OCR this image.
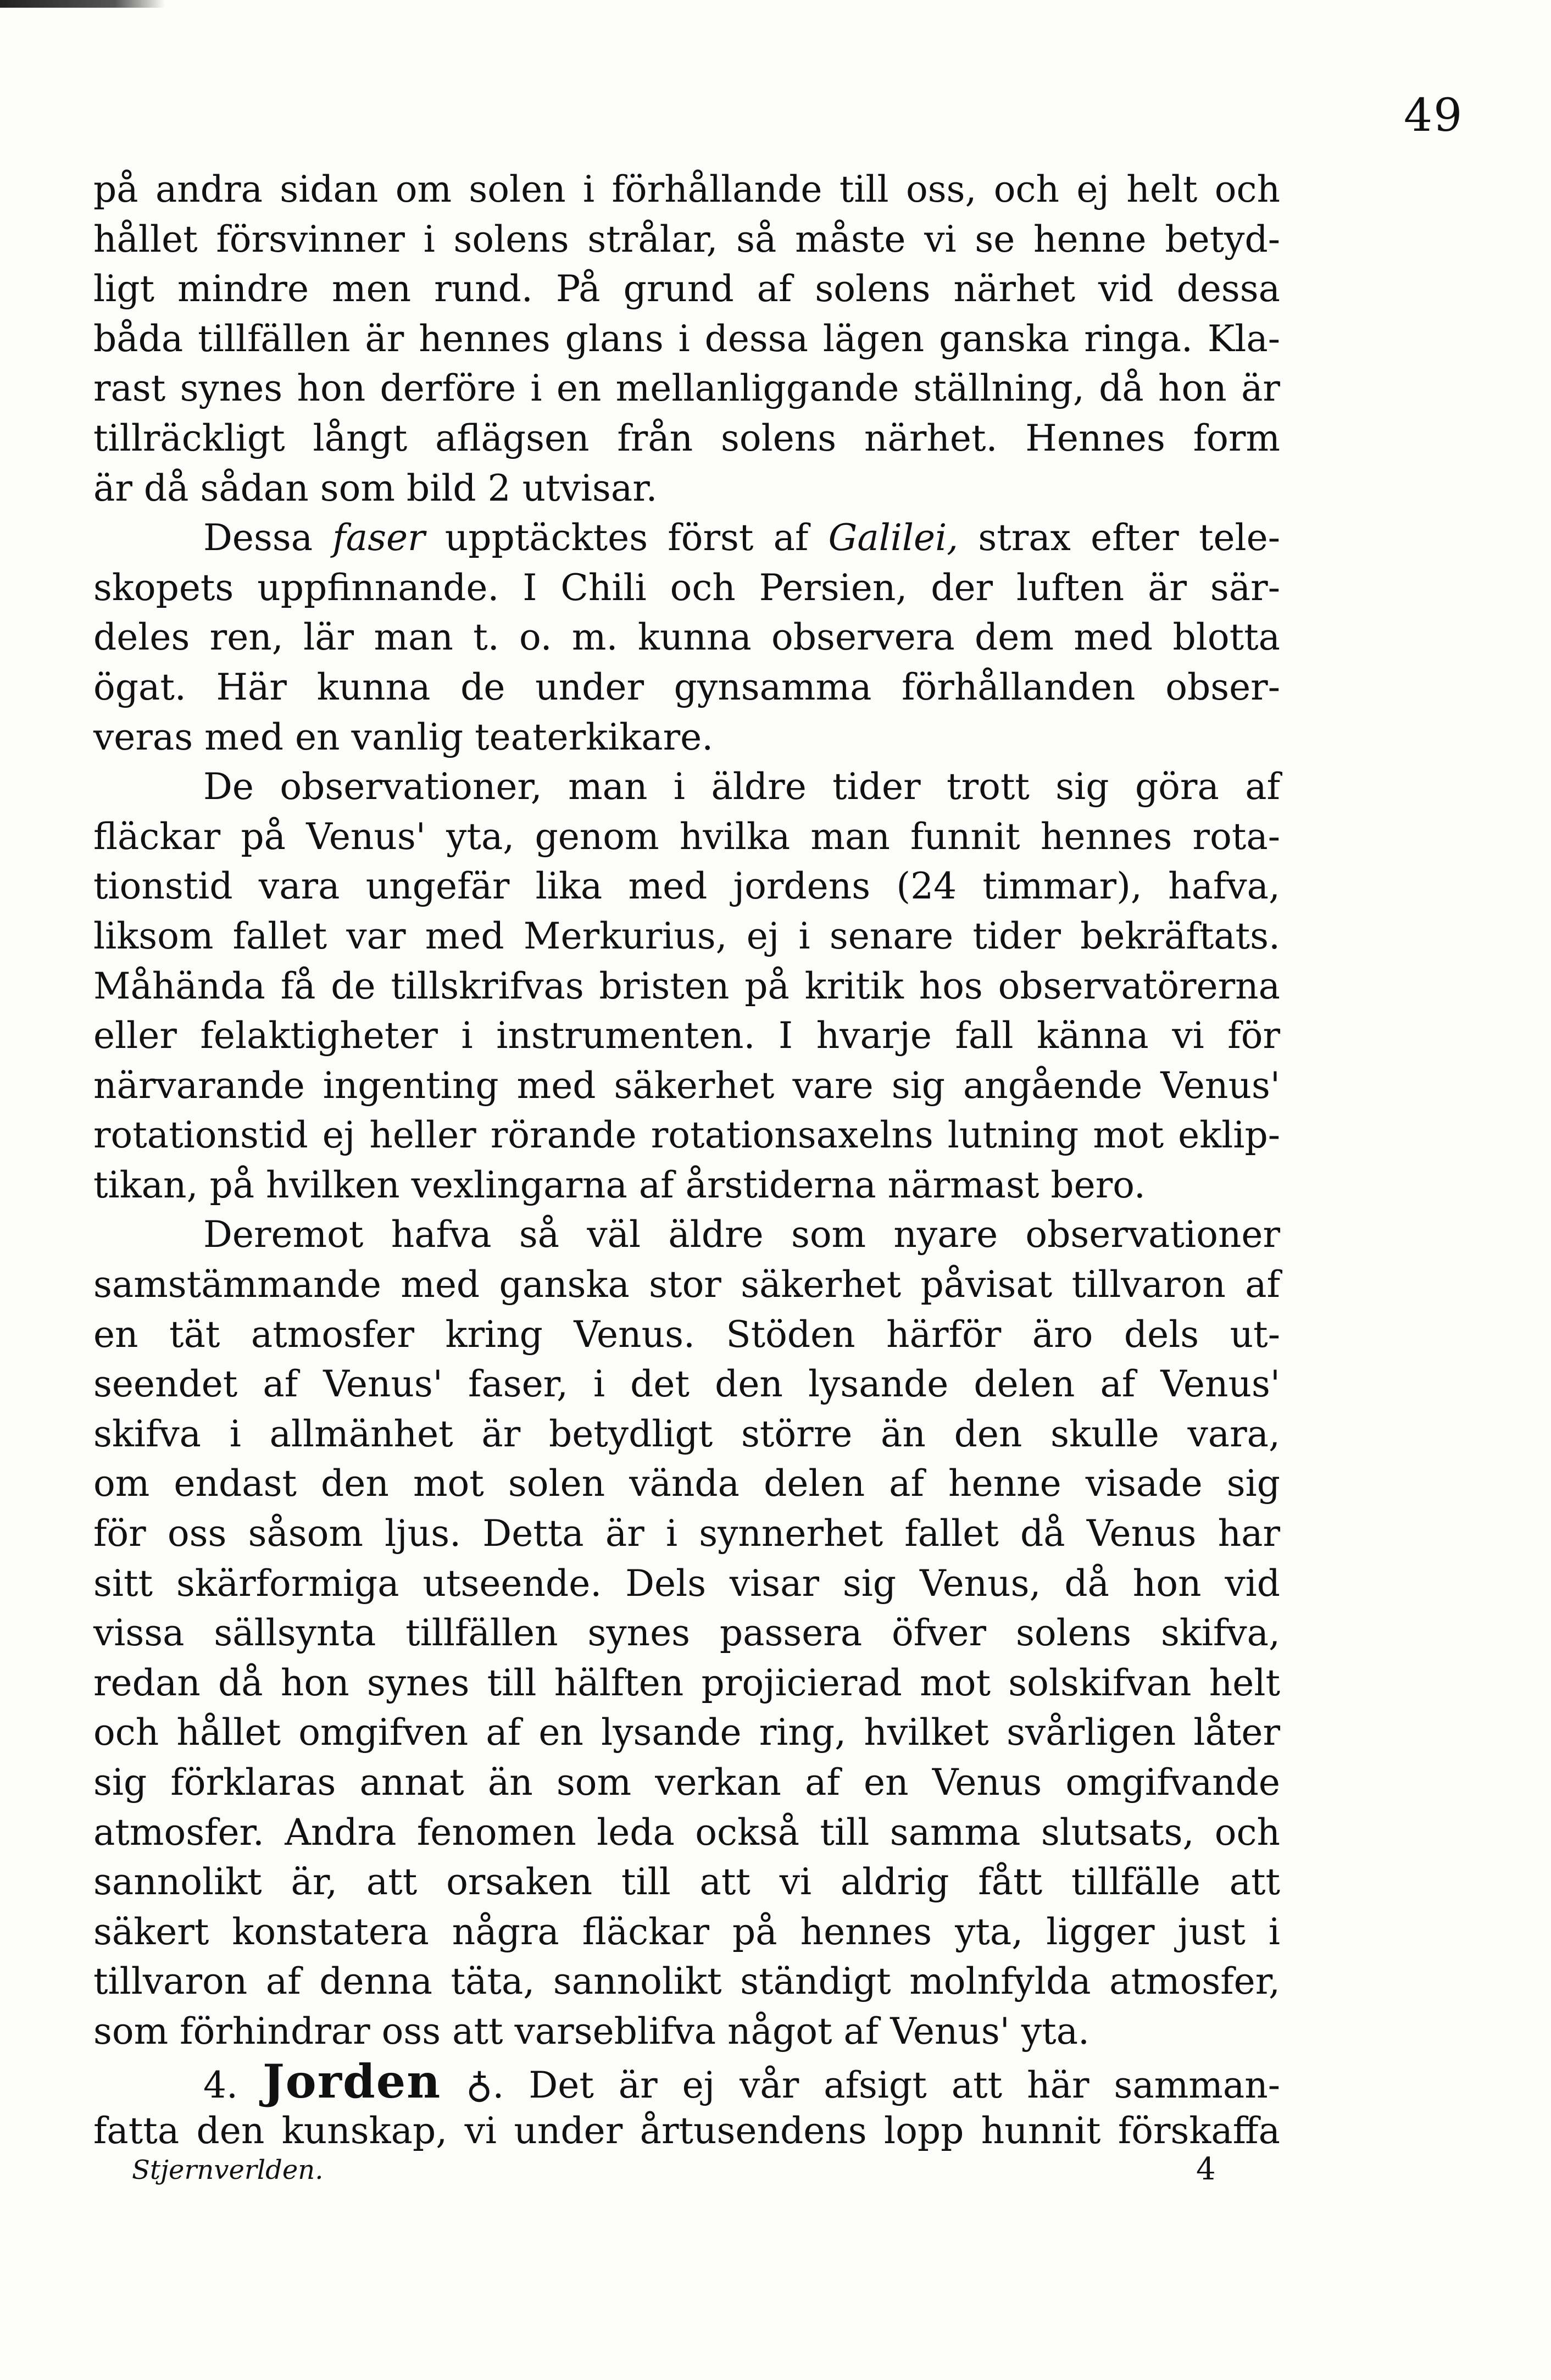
49

på andra sidan om solen i förhållande till oss, och ej helt och
hållet försvinner i solens strålar, så måste vi se henne betyd-
ligt mindre men rund. På grund af solens närhet vid dessa
båda tillfällen är hennes glans i dessa lägen ganska ringa. Kla-
rast synes hon derföre i en mellanliggande ställning, då hon är
tillräckligt långt aflägsen från solens närhet. Hennes form
är då sådan som bild 2 utvisar.

Dessa faser upptäcktes först af Galilei, strax efter tele-
skopets uppfinnande. I Chili och Persien, der luften är sär-
deles ren, lär man t. o. m. kunna observera dem med blotta
ögat. Här kunna de under gynsamma förhållanden obser-
veras med en vanlig teaterkikare.

De observationer, man i äldre tider trott sig göra af
fläckar på Venus' yta, genom hvilka man funnit hennes rota-
tionstid vara ungefär lika med jordens (24 timmar), hafva,
liksom fallet var med Merkurius, ej i senare tider bekräftats.
Måhända få de tillskrifvas bristen på kritik hos observatörerna
eller felaktigheter i instrumenten. I hvarje fall känna vi för
närvarande ingenting med säkerhet vare sig angående Venus'
rotationstid ej heller rörande rotationsaxelns lutning mot eklip-
tikan, på hvilken vexlingarna af årstiderna närmast bero.

Deremot hafva så väl äldre som nyare observationer
samstämmande med ganska stor säkerhet påvisat tillvaron af
en tät atmosfer kring Venus. Stöden härför äro dels ut-
seendet af Venus' faser, i det den lysande delen af Venus'
skifva i allmänhet är betydligt större än den skulle vara,
om endast den mot solen vända delen af henne visade sig
för oss såsom ljus. Detta är i synnerhet fallet då Venus har
sitt skärformiga utseende. Dels visar sig Venus, då hon vid
vissa sällsynta tillfällen synes passera öfver solens skifva,
redan då hon synes till hälften projicierad mot solskifvan helt
och hållet omgifven af en lysande ring, hvilket svårligen låter
sig förklaras annat än som verkan af en Venus omgifvande
atmosfer. Andra fenomen leda också till samma slutsats, och
sannolikt är, att orsaken till att vi aldrig fått tillfälle att
säkert konstatera några fläckar på hennes yta, ligger just i
tillvaron af denna täta, sannolikt ständigt molnfylda atmosfer,
som förhindrar oss att varseblifva något af Venus' yta.

4. Jorden ♁. Det är ej vår afsigt att här samman-
fatta den kunskap, vi under årtusendens lopp hunnit förskaffa

Stjernverlden.	4
